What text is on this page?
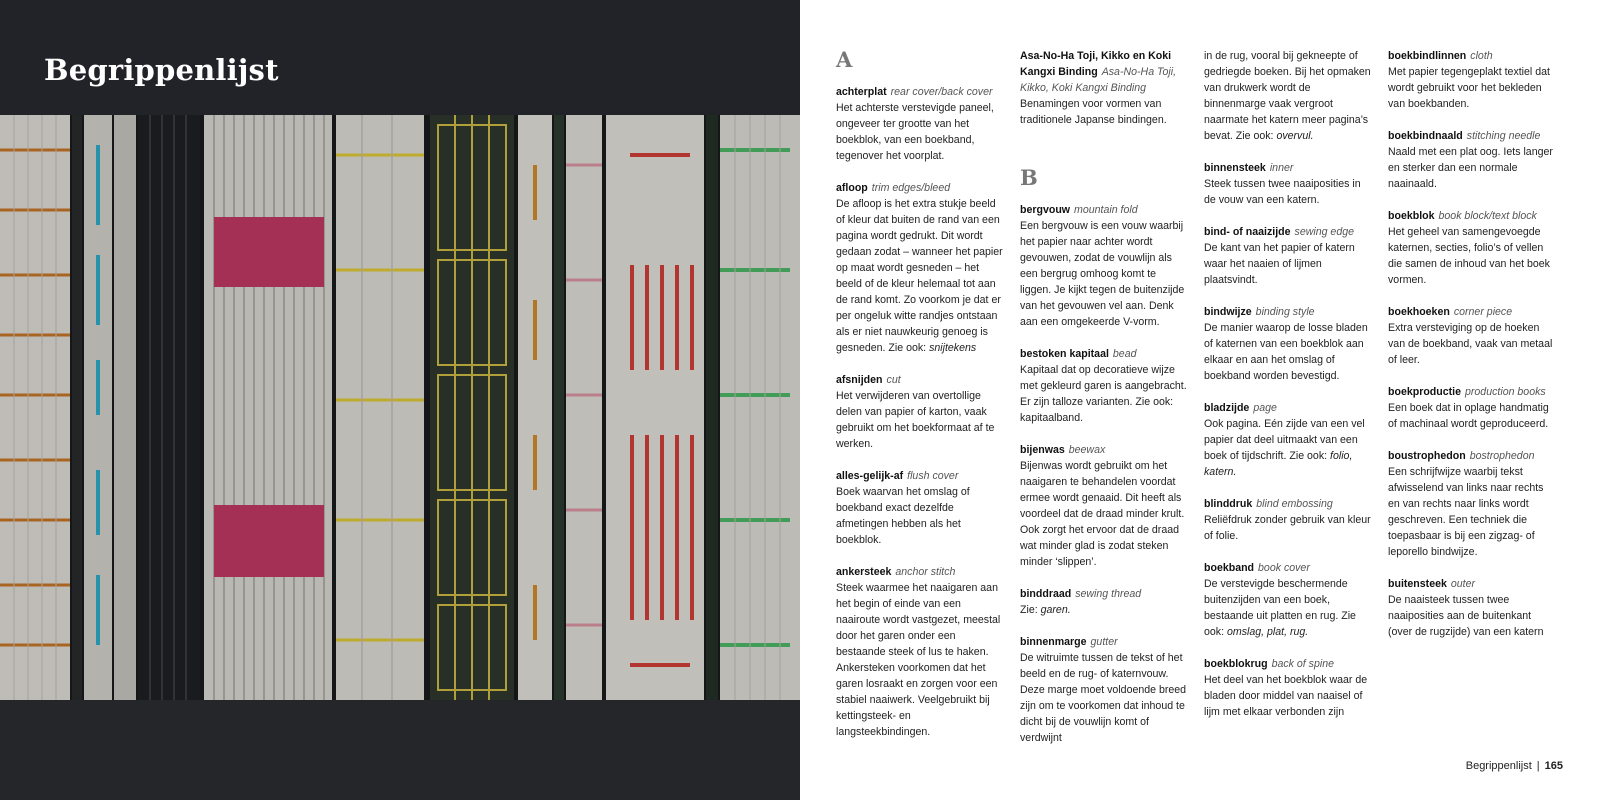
Begrippenlijst	A
achterplat rear cover/back cover
Het achterste verstevigde paneel, ongeveer ter grootte van het boekblok, van een boekband, tegenover het voorplat.
afloop trim edges/bleed
De afloop is het extra stukje beeld of kleur dat buiten de rand van een pagina wordt gedrukt. Dit wordt gedaan zodat – wanneer het papier op maat wordt gesneden – het beeld of de kleur helemaal tot aan de rand komt. Zo voorkom je dat er per ongeluk witte randjes ontstaan als er niet nauwkeurig genoeg is gesneden. Zie ook: snijtekens
afsnijden cut
Het verwijderen van overtollige delen van papier of karton, vaak gebruikt om het boekformaat af te werken.
alles-gelijk-af flush cover
Boek waarvan het omslag of boekband exact dezelfde afmetingen hebben als het boekblok.
ankersteek anchor stitch
Steek waarmee het naaigaren aan het begin of einde van een naairoute wordt vastgezet, meestal door het garen onder een bestaande steek of lus te haken. Ankersteken voorkomen dat het garen losraakt en zorgen voor een stabiel naaiwerk. Veelgebruikt bij kettingsteek- en langsteekbindingen.
Asa-No-Ha Toji, Kikko en Koki Kangxi Binding Asa-No-Ha Toji, Kikko, Koki Kangxi Binding
Benamingen voor vormen van traditionele Japanse bindingen.
B
bergvouw mountain fold
Een bergvouw is een vouw waarbij het papier naar achter wordt gevouwen, zodat de vouwlijn als een bergrug omhoog komt te liggen. Je kijkt tegen de buitenzijde van het gevouwen vel aan. Denk aan een omgekeerde V-vorm.
bestoken kapitaal bead
Kapitaal dat op decoratieve wijze met gekleurd garen is aangebracht. Er zijn talloze varianten. Zie ook: kapitaalband.
bijenwas beewax
Bijenwas wordt gebruikt om het naaigaren te behandelen voordat ermee wordt genaaid. Dit heeft als voordeel dat de draad minder krult. Ook zorgt het ervoor dat de draad wat minder glad is zodat steken minder ‘slippen’.
binddraad sewing thread
Zie: garen.
binnenmarge gutter
De witruimte tussen de tekst of het beeld en de rug- of katernvouw. Deze marge moet voldoende breed zijn om te voorkomen dat inhoud te dicht bij de vouwlijn komt of verdwijnt
in de rug, vooral bij gekneepte of gedriegde boeken. Bij het opmaken van drukwerk wordt de binnenmarge vaak vergroot naarmate het katern meer pagina’s bevat. Zie ook: overvul.
binnensteek inner
Steek tussen twee naaiposities in de vouw van een katern.
bind- of naaizijde sewing edge
De kant van het papier of katern waar het naaien of lijmen plaatsvindt.
bindwijze binding style
De manier waarop de losse bladen of katernen van een boekblok aan elkaar en aan het omslag of boekband worden bevestigd.
bladzijde page
Ook pagina. Eén zijde van een vel papier dat deel uitmaakt van een boek of tijdschrift. Zie ook: folio, katern.
blinddruk blind embossing
Reliëfdruk zonder gebruik van kleur of folie.
boekband book cover
De verstevigde beschermende buitenzijden van een boek, bestaande uit platten en rug. Zie ook: omslag, plat, rug.
boekblokrug back of spine
Het deel van het boekblok waar de bladen door middel van naaisel of lijm met elkaar verbonden zijn
boekbindlinnen cloth
Met papier tegengeplakt textiel dat wordt gebruikt voor het bekleden van boekbanden.
boekbindnaald stitching needle
Naald met een plat oog. Iets langer en sterker dan een normale naainaald.
boekblok book block/text block
Het geheel van samengevoegde katernen, secties, folio’s of vellen die samen de inhoud van het boek vormen.
boekhoeken corner piece
Extra versteviging op de hoeken van de boekband, vaak van metaal of leer.
boekproductie production books
Een boek dat in oplage handmatig of machinaal wordt geproduceerd.
boustrophedon bostrophedon
Een schrijfwijze waarbij tekst afwisselend van links naar rechts en van rechts naar links wordt geschreven. Een techniek die toepasbaar is bij een zigzag- of leporello bindwijze.
buitensteek outer
De naaisteek tussen twee naaiposities aan de buitenkant (over de rugzijde) van een katern
Begrippenlijst | 165
